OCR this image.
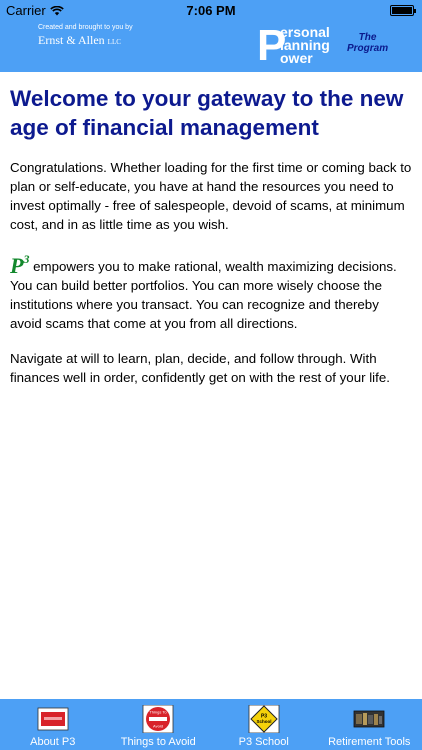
Carrier	7:06 PM
Created and brought to you by
Ernst & Allen LLC	P
ersonal
lanning
ower
The
Program
Welcome to your gateway to the new age of financial management

Congratulations. Whether loading for the first time or coming back to plan or self-educate, you have at hand the resources you need to invest optimally - free of salespeople, devoid of scams, at minimum cost, and in as little time as you wish.

$P^3$ empowers you to make rational, wealth maximizing decisions. You can build better portfolios. You can more wisely choose the institutions where you transact. You can recognize and thereby avoid scams that come at you from all directions.

Navigate at will to learn, plan, decide, and follow through. With finances well in order, confidently get on with the rest of your life.

About P3
Things To
Avoid
Things to Avoid
P3
School
P3 School	Retirement Tools
